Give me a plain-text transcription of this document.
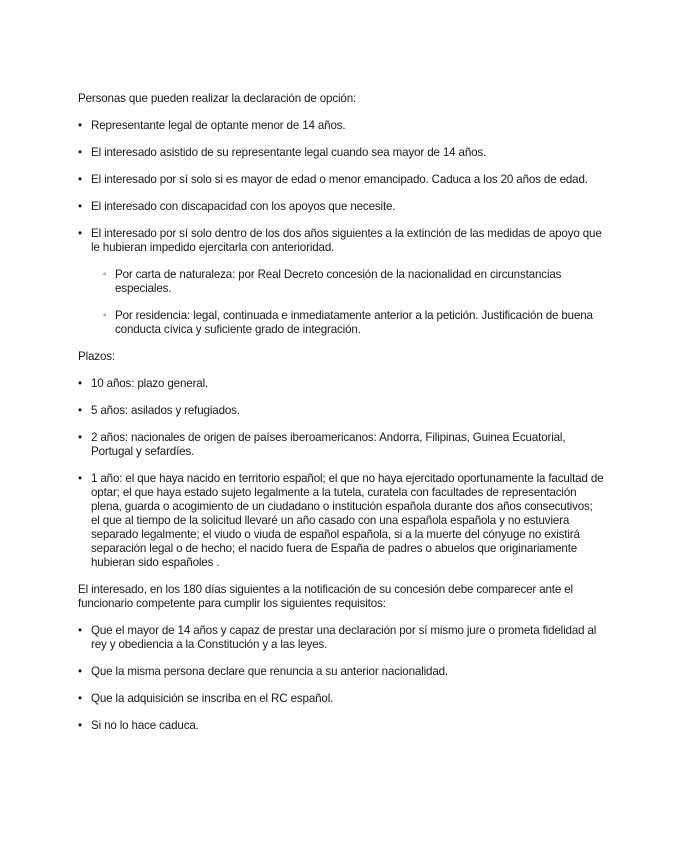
Personas que pueden realizar la declaración de opción:

• Representante legal de optante menor de 14 años.
• El interesado asistido de su representante legal cuando sea mayor de 14 años.
• El interesado por sí solo si es mayor de edad o menor emancipado. Caduca a los 20 años de edad.
• El interesado con discapacidad con los apoyos que necesite.
• El interesado por sí solo dentro de los dos años siguientes a la extinción de las medidas de apoyo que le hubieran impedido ejercitarla con anterioridad.
◦ Por carta de naturaleza: por Real Decreto concesión de la nacionalidad en circunstancias especiales.
◦ Por residencia: legal, continuada e inmediatamente anterior a la petición. Justificación de buena conducta cívica y suficiente grado de integración.

Plazos:

• 10 años: plazo general.
• 5 años: asilados y refugiados.
• 2 años: nacionales de origen de países iberoamericanos: Andorra, Filipinas, Guinea Ecuatorial, Portugal y sefardíes.
• 1 año: el que haya nacido en territorio español; el que no haya ejercitado oportunamente la facultad de optar; el que haya estado sujeto legalmente a la tutela, curatela con facultades de representación plena, guarda o acogimiento de un ciudadano o institución española durante dos años consecutivos; el que al tiempo de la solicitud llevaré un año casado con una española española y no estuviera separado legalmente; el viudo o viuda de español española, si a la muerte del cónyuge no existirá separación legal o de hecho; el nacido fuera de España de padres o abuelos que originariamente hubieran sido españoles .

El interesado, en los 180 días siguientes a la notificación de su concesión debe comparecer ante el funcionario competente para cumplir los siguientes requisitos:

• Que el mayor de 14 años y capaz de prestar una declaración por sí mismo jure o prometa fidelidad al rey y obediencia a la Constitución y a las leyes.
• Que la misma persona declare que renuncia a su anterior nacionalidad.
• Que la adquisición se inscriba en el RC español.
• Si no lo hace caduca.
